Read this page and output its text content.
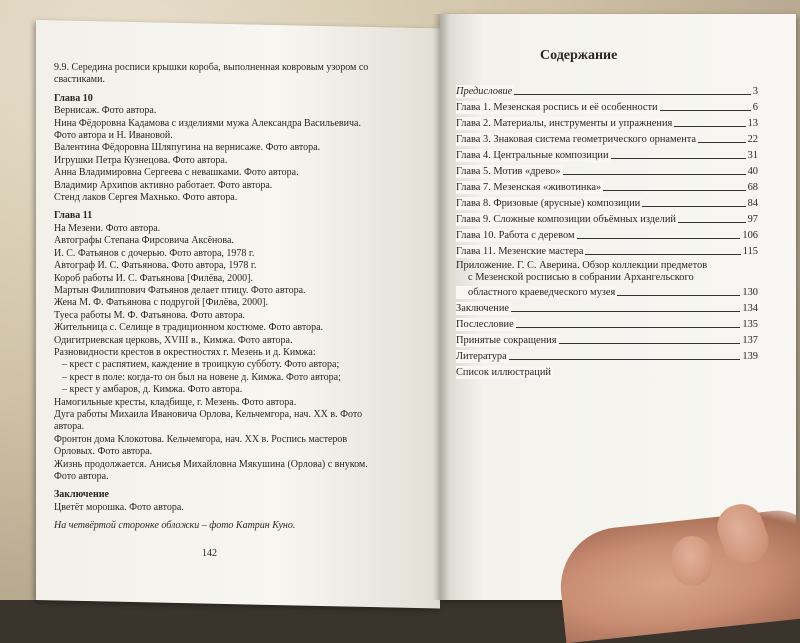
9.9. Середина росписи крышки короба, выполненная ковровым узором со свастиками.
Глава 10
Вернисаж. Фото автора.
Нина Фёдоровна Кадамова с изделиями мужа Александра Васильевича.
Фото автора и Н. Ивановой.
Валентина Фёдоровна Шляпугина на вернисаже. Фото автора.
Игрушки Петра Кузнецова. Фото автора.
Анна Владимировна Сергеева с невашками. Фото автора.
Владимир Архипов активно работает. Фото автора.
Стенд лаков Сергея Махнько. Фото автора.
Глава 11
На Мезени. Фото автора.
Автографы Степана Фирсовича Аксёнова.
И. С. Фатьянов с дочерью. Фото автора, 1978 г.
Автограф И. С. Фатьянова. Фото автора, 1978 г.
Короб работы И. С. Фатьянова [Филёва, 2000].
Мартын Филиппович Фатьянов делает птицу. Фото автора.
Жена М. Ф. Фатьянова с подругой [Филёва, 2000].
Туеса работы М. Ф. Фатьянова. Фото автора.
Жительница с. Селище в традиционном костюме. Фото автора.
Одигитриевская церковь, XVIII в., Кимжа. Фото автора.
Разновидности крестов в окрестностях г. Мезень и д. Кимжа:
– крест с распятием, каждение в троицкую субботу. Фото автора;
– крест в поле: когда-то он был на новене д. Кимжа. Фото автора;
– крест у амбаров, д. Кимжа. Фото автора.
Намогильные кресты, кладбище, г. Мезень. Фото автора.
Дуга работы Михаила Ивановича Орлова, Кельчемгора, нач. XX в. Фото автора.
Фронтон дома Клокотова. Кельчемгора, нач. XX в. Роспись мастеров Орловых. Фото автора.
Жизнь продолжается. Анисья Михайловна Мякушина (Орлова) с внуком. Фото автора.
Заключение
Цветёт морошка. Фото автора.
На четвёртой сторонке обложки – фото Катрин Куно.
142
Содержание
Предисловие	3
Глава 1. Мезенская роспись и её особенности	6
Глава 2. Материалы, инструменты и упражнения	13
Глава 3. Знаковая система геометрического орнамента	22
Глава 4. Центральные композиции	31
Глава 5. Мотив «древо»	40
Глава 7. Мезенская «животинка»	68
Глава 8. Фризовые (ярусные) композиции	84
Глава 9. Сложные композиции объёмных изделий	97
Глава 10. Работа с деревом	106
Глава 11. Мезенские мастера	115
Приложение. Г. С. Аверина. Обзор коллекции предметов
с Мезенской росписью в собрании Архангельского
областного краеведческого музея	130
Заключение	134
Послесловие	135
Принятые сокращения	137
Литература	139
Список иллюстраций
